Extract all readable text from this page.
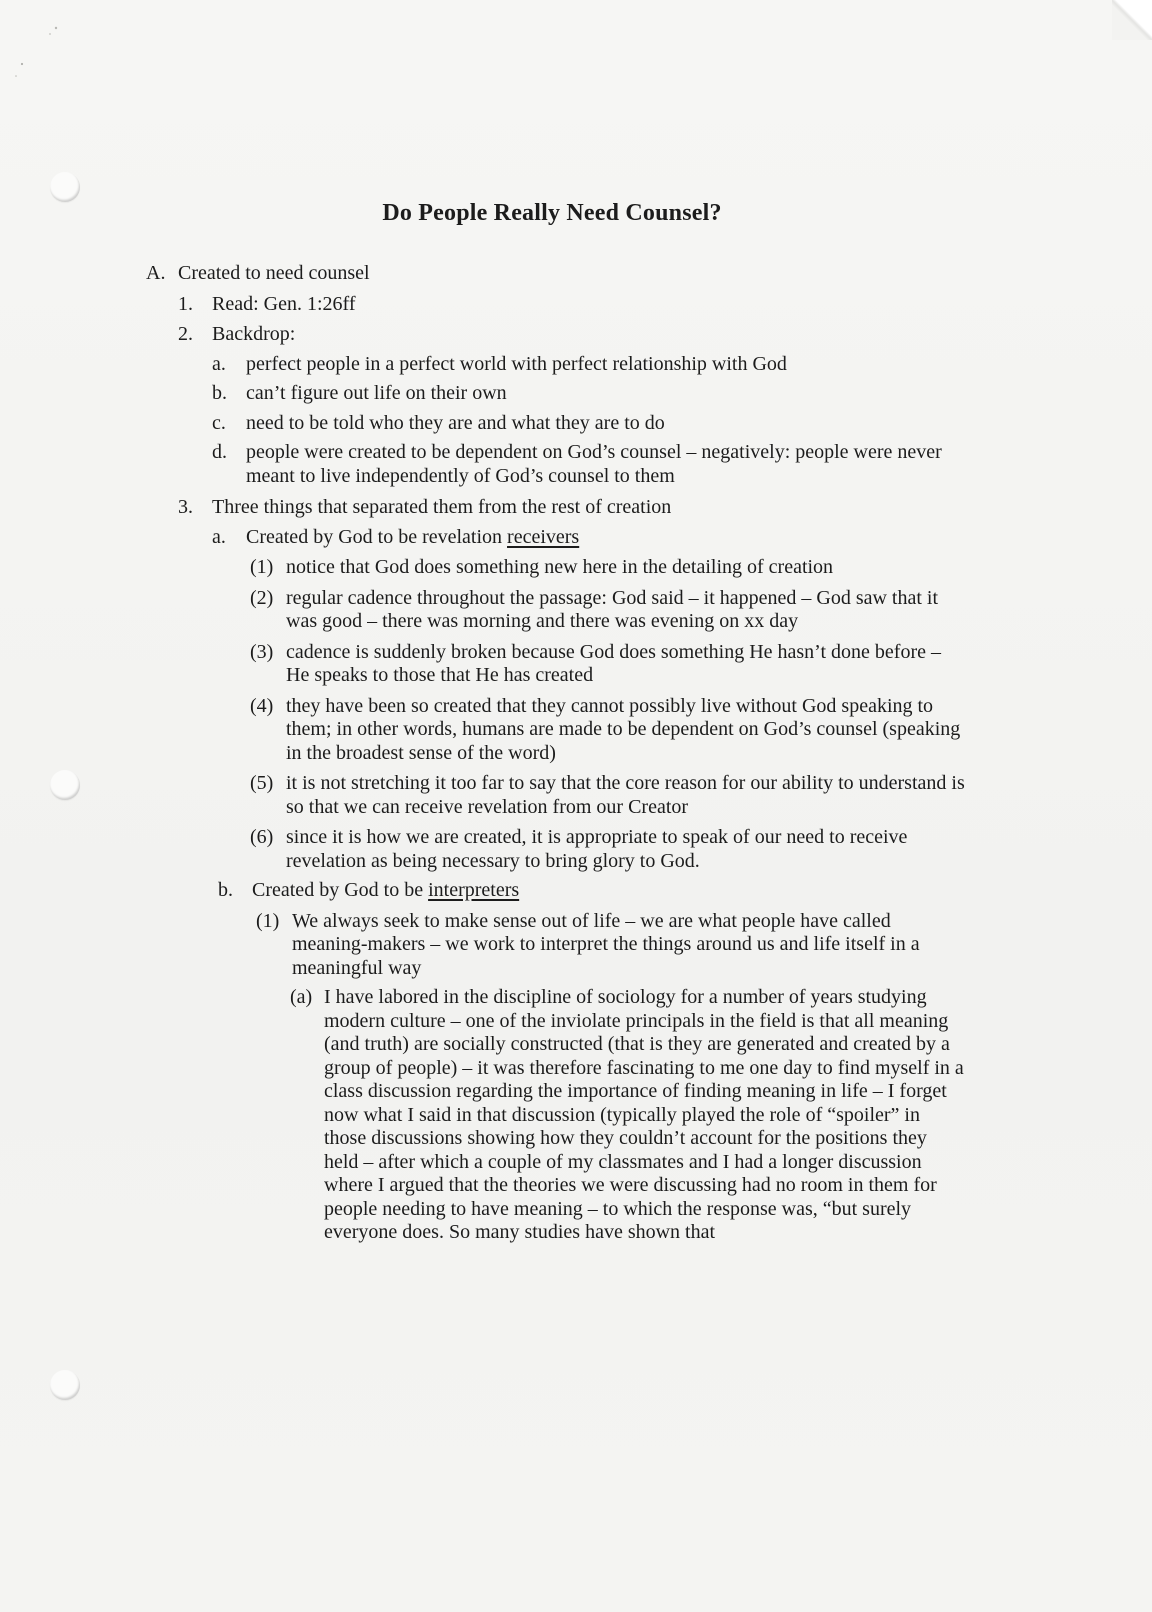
Do People Really Need Counsel?
A. Created to need counsel
1. Read: Gen. 1:26ff
2. Backdrop:
a.	perfect people in a perfect world with perfect relationship with God
b. can’t figure out life on their own
c.	need to be told who they are and what they are to do
d. people were created to be dependent on God’s counsel – negatively: people were never meant to live independently of God’s counsel to them
3. Three things that separated them from the rest of creation
a.	Created by God to be revelation receivers
(1) notice that God does something new here in the detailing of creation
(2) regular cadence throughout the passage: God said – it happened – God saw that it was good – there was morning and there was evening on xx day
(3) cadence is suddenly broken because God does something He hasn’t done before – He speaks to those that He has created
(4) they have been so created that they cannot possibly live without God speaking to them; in other words, humans are made to be dependent on God’s counsel (speaking in the broadest sense of the word)
(5) it is not stretching it too far to say that the core reason for our ability to understand is so that we can receive revelation from our Creator
(6) since it is how we are created, it is appropriate to speak of our need to receive revelation as being necessary to bring glory to God.
b. Created by God to be interpreters
(1) We always seek to make sense out of life – we are what people have called meaning-makers – we work to interpret the things around us and life itself in a meaningful way
(a) I have labored in the discipline of sociology for a number of years studying modern culture – one of the inviolate principals in the field is that all meaning (and truth) are socially constructed (that is they are generated and created by a group of people) – it was therefore fascinating to me one day to find myself in a class discussion regarding the importance of finding meaning in life – I forget now what I said in that discussion (typically played the role of “spoiler” in those discussions showing how they couldn’t account for the positions they held – after which a couple of my classmates and I had a longer discussion where I argued that the theories we were discussing had no room in them for people needing to have meaning – to which the response was, “but surely everyone does. So many studies have shown that
